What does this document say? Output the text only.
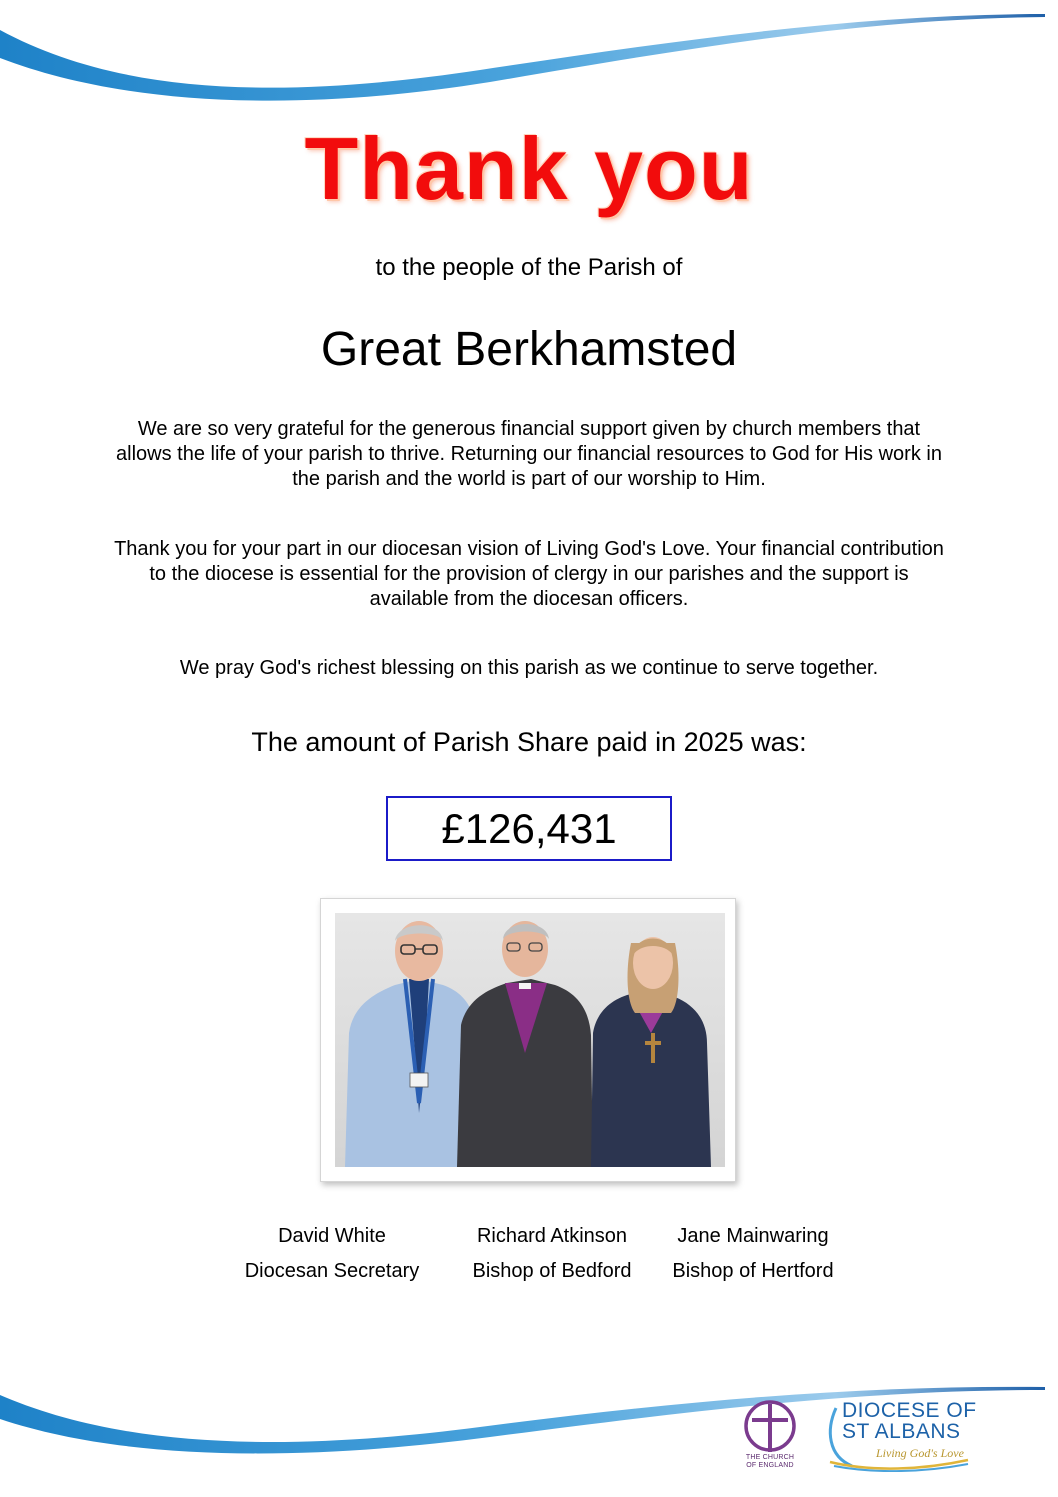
Thank you
to the people of the Parish of
Great Berkhamsted
We are so very grateful for the generous financial support given by church members that allows the life of your parish to thrive. Returning our financial resources to God for His work in the parish and the world is part of our worship to Him.
Thank you for your part in our diocesan vision of Living God's Love. Your financial contribution to the diocese is essential for the provision of clergy in our parishes and the support is available from the diocesan officers.
We pray God's richest blessing on this parish as we continue to serve together.
The amount of Parish Share paid in 2025 was:
£126,431
David White
Diocesan Secretary
Richard Atkinson
Bishop of Bedford
Jane Mainwaring
Bishop of Hertford
THE CHURCH
OF ENGLAND
DIOCESE OF
ST ALBANS
Living God's Love
